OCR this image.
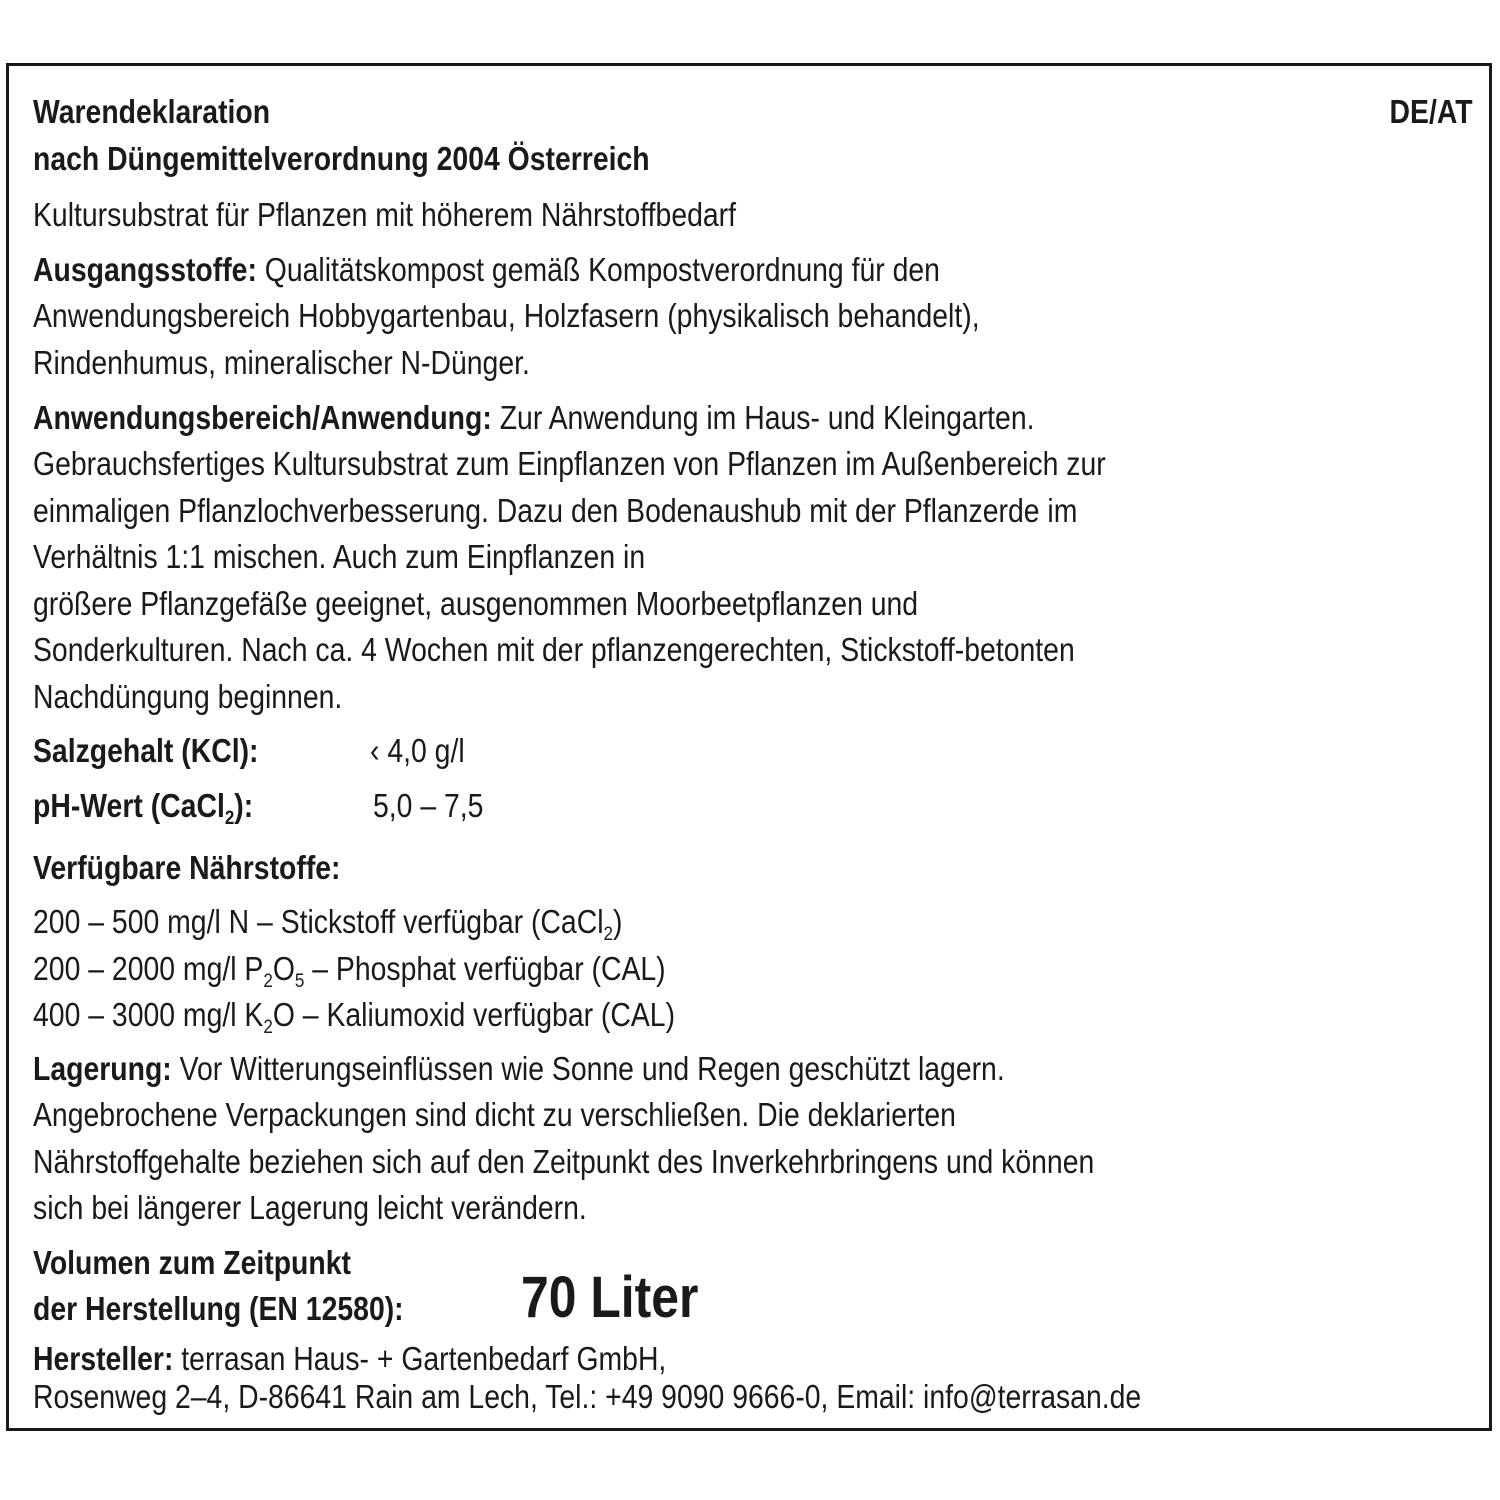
Warendeklaration	DE/AT
nach Düngemittelverordnung 2004 Österreich
Kultursubstrat für Pflanzen mit höherem Nährstoffbedarf
Ausgangsstoffe: Qualitätskompost gemäß Kompostverordnung für den
Anwendungsbereich Hobbygartenbau, Holzfasern (physikalisch behandelt),
Rindenhumus, mineralischer N-Dünger.
Anwendungsbereich/Anwendung: Zur Anwendung im Haus- und Kleingarten.
Gebrauchsfertiges Kultursubstrat zum Einpflanzen von Pflanzen im Außenbereich zur
einmaligen Pflanzlochverbesserung. Dazu den Bodenaushub mit der Pflanzerde im
Verhältnis 1:1 mischen. Auch zum Einpflanzen in
größere Pflanzgefäße geeignet, ausgenommen Moorbeetpflanzen und
Sonderkulturen. Nach ca. 4 Wochen mit der pflanzengerechten, Stickstoff-betonten
Nachdüngung beginnen.
Salzgehalt (KCl):	‹ 4,0 g/l
pH-Wert (CaCl$_2$):	5,0 – 7,5
Verfügbare Nährstoffe:
200 – 500 mg/l N – Stickstoff verfügbar (CaCl$_2$)
200 – 2000 mg/l $P_2O_5$ – Phosphat verfügbar (CAL)
400 – 3000 mg/l $K_2O$ – Kaliumoxid verfügbar (CAL)
Lagerung: Vor Witterungseinflüssen wie Sonne und Regen geschützt lagern.
Angebrochene Verpackungen sind dicht zu verschließen. Die deklarierten
Nährstoffgehalte beziehen sich auf den Zeitpunkt des Inverkehrbringens und können
sich bei längerer Lagerung leicht verändern.
Volumen zum Zeitpunkt
der Herstellung (EN 12580):	70 Liter
Hersteller: terrasan Haus- + Gartenbedarf GmbH,
Rosenweg 2–4, D-86641 Rain am Lech, Tel.: +49 9090 9666-0, Email: info@terrasan.de
